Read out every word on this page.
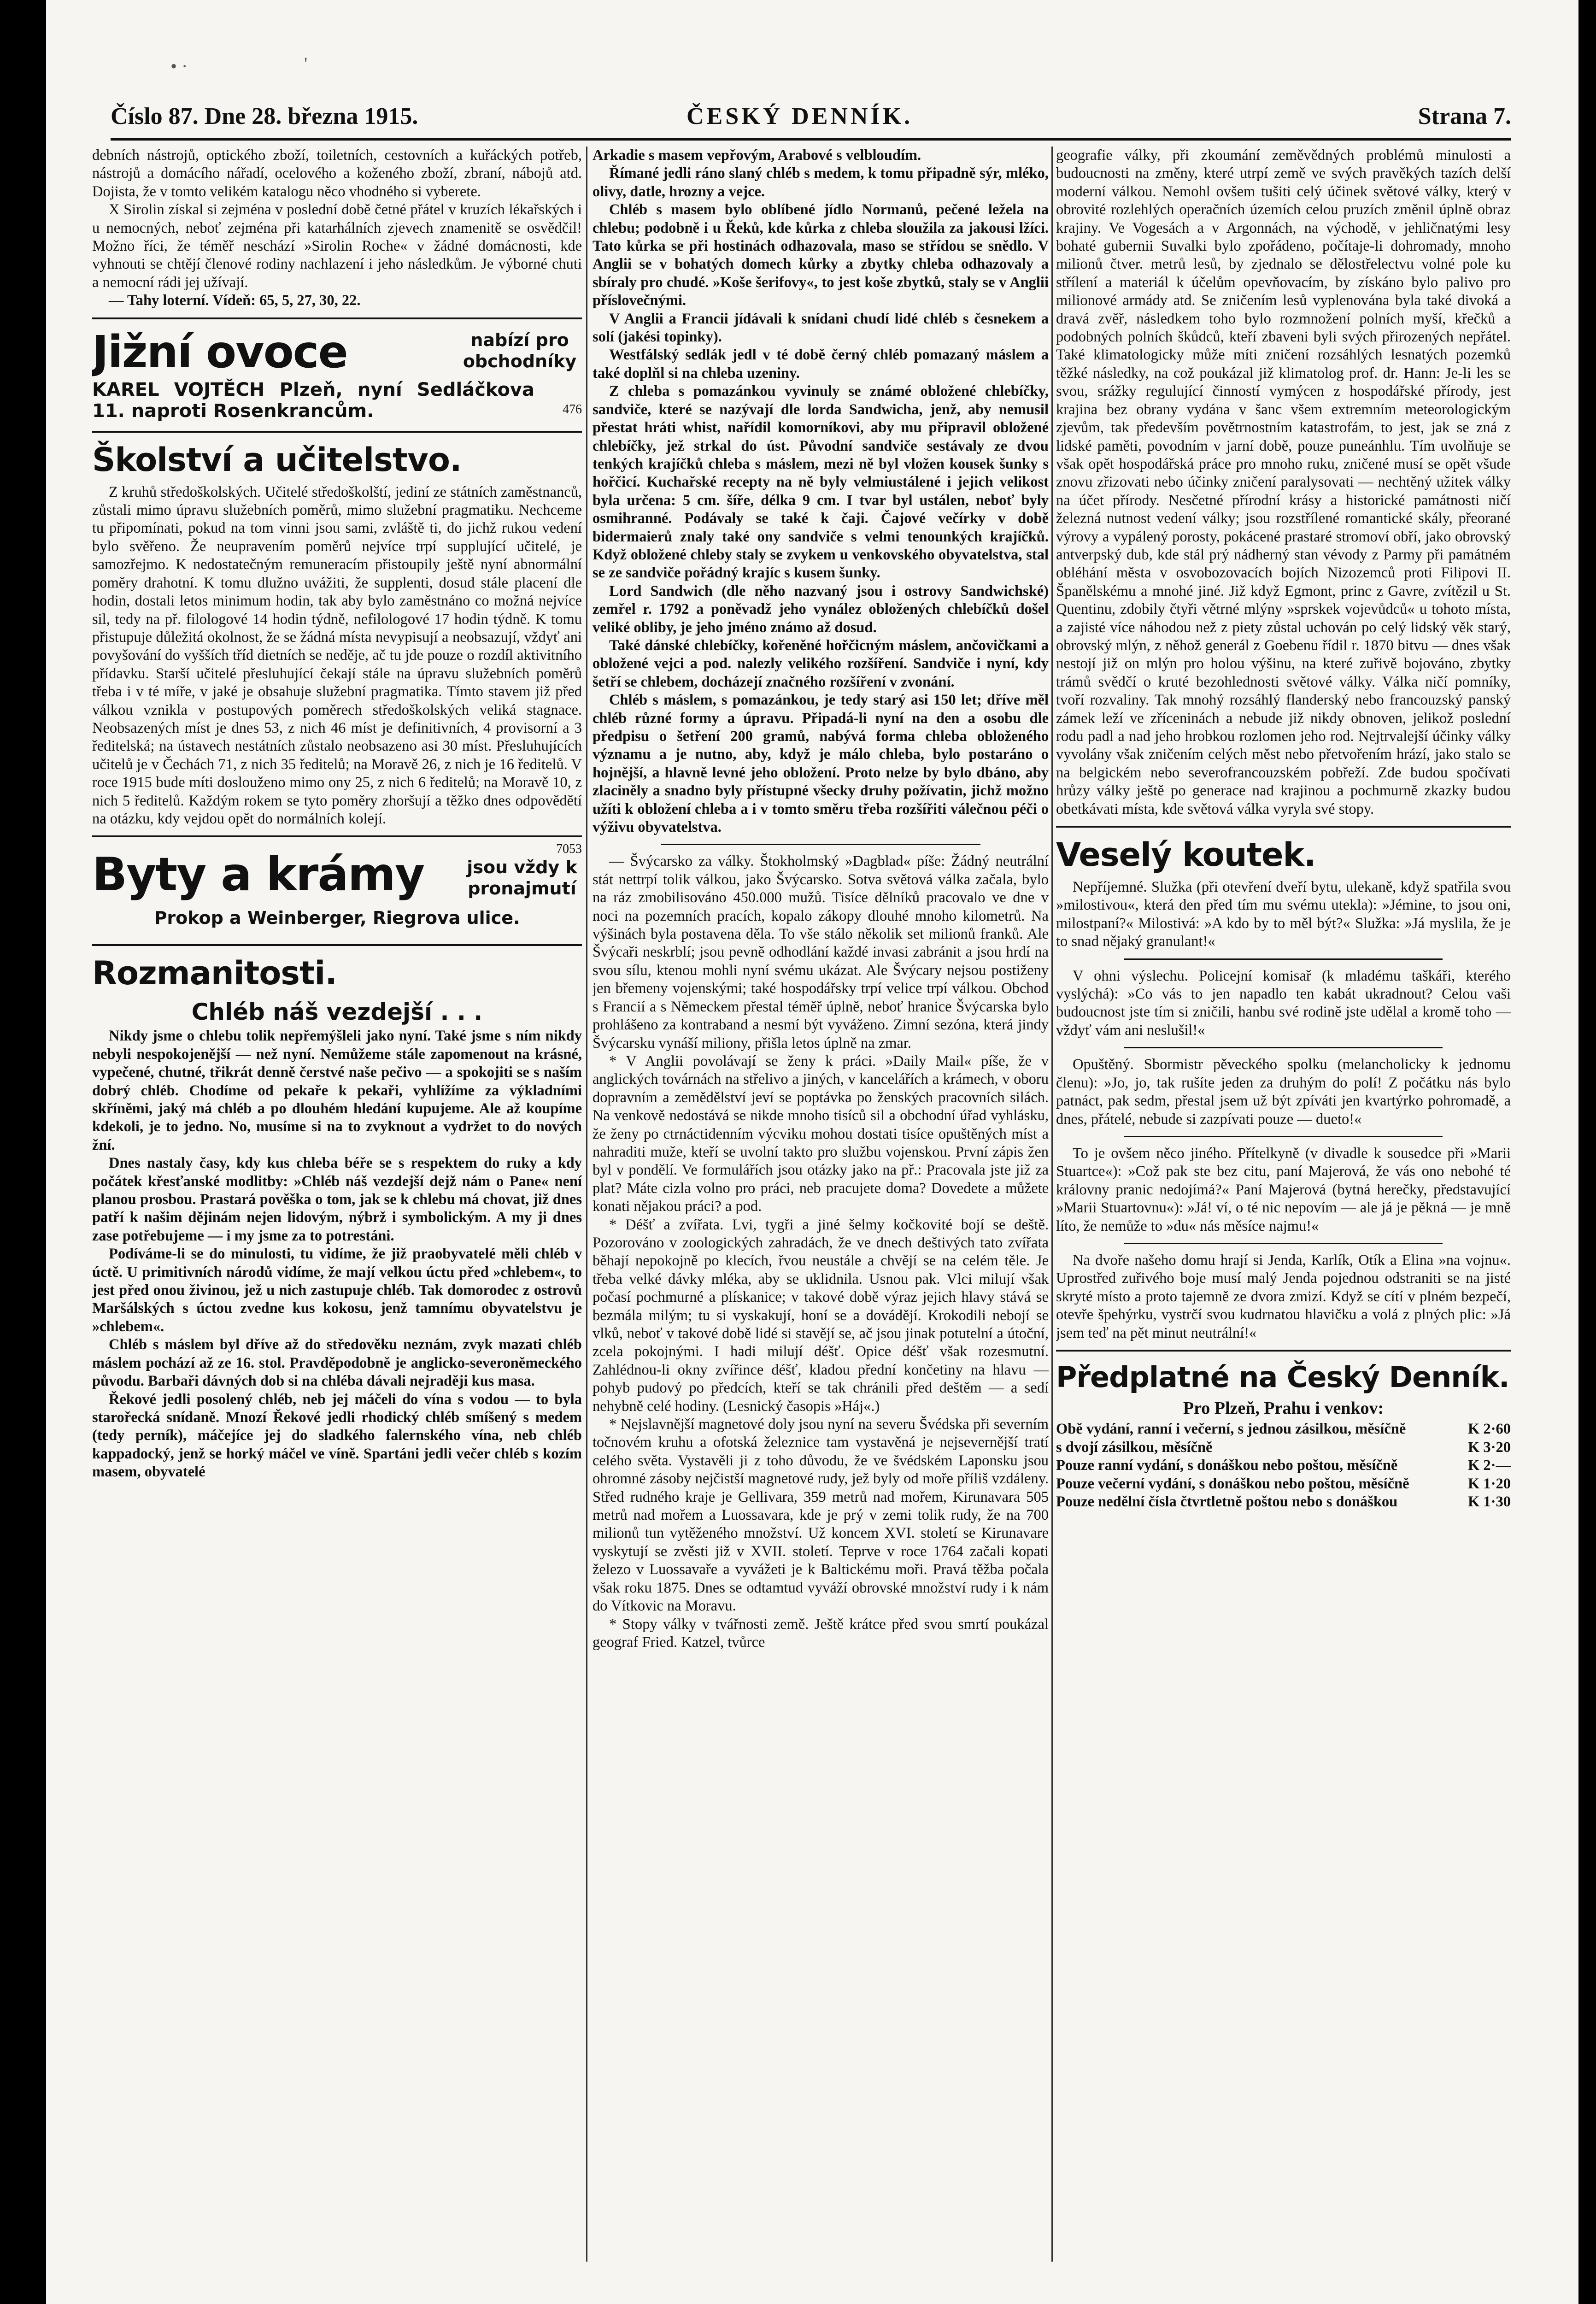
• ·	'
Číslo 87. Dne 28. března 1915.	ČESKÝ DENNÍK.	Strana 7.

debních nástrojů, optického zboží, toiletních, cestovních a kuřáckých potřeb, nástrojů a domácího nářadí, ocelového a koženého zboží, zbraní, nábojů atd. Dojista, že v tomto velikém katalogu něco vhodného si vyberete.

X Sirolin získal si zejména v poslední době četné přátel v kruzích lékařských i u nemocných, neboť zejména při katarhálních zjevech znamenitě se osvědčil! Možno říci, že téměř neschází »Sirolin Roche« v žádné domácnosti, kde vyhnouti se chtějí členové rodiny nachlazení i jeho následkům. Je výborné chuti a nemocní rádi jej užívají.

— Tahy loterní. Vídeň: 65, 5, 27, 30, 22.

Jižní ovoce	nabízí pro obchodníky
KAREL VOJTĚCH Plzeň, nyní Sedláčkova 11. naproti Rosenkrancům.	476
Školství a učitelstvo.

Z kruhů středoškolských. Učitelé středoškolští, jediní ze státních zaměstnanců, zůstali mimo úpravu služebních poměrů, mimo služební pragmatiku. Nechceme tu připomínati, pokud na tom vinni jsou sami, zvláště ti, do jichž rukou vedení bylo svěřeno. Že neupravením poměrů nejvíce trpí supplující učitelé, je samozřejmo. K nedostatečným remuneracím přistoupily ještě nyní abnormální poměry drahotní. K tomu dlužno uvážiti, že supplenti, dosud stále placení dle hodin, dostali letos minimum hodin, tak aby bylo zaměstnáno co možná nejvíce sil, tedy na př. filologové 14 hodin týdně, nefilologové 17 hodin týdně. K tomu přistupuje důležitá okolnost, že se žádná místa nevypisují a neobsazují, vždyť ani povyšování do vyšších tříd dietních se neděje, ač tu jde pouze o rozdíl aktivitního přídavku. Starší učitelé přesluhující čekají stále na úpravu služebních poměrů třeba i v té míře, v jaké je obsahuje služební pragmatika. Tímto stavem již před válkou vznikla v postupových poměrech středoškolských veliká stagnace. Neobsazených míst je dnes 53, z nich 46 míst je definitivních, 4 provisorní a 3 ředitelská; na ústavech nestátních zůstalo neobsazeno asi 30 míst. Přesluhujících učitelů je v Čechách 71, z nich 35 ředitelů; na Moravě 26, z nich je 16 ředitelů. V roce 1915 bude míti doslouženo mimo ony 25, z nich 6 ředitelů; na Moravě 10, z nich 5 ředitelů. Každým rokem se tyto poměry zhoršují a těžko dnes odpovědětí na otázku, kdy vejdou opět do normálních kolejí.

7053
Byty a krámy jsou vždy k pronajmutí
Prokop a Weinberger, Riegrova ulice.
Rozmanitosti.
Chléb náš vezdejší . . .

Nikdy jsme o chlebu tolik nepřemýšleli jako nyní. Také jsme s ním nikdy nebyli nespokojenější — než nyní. Nemůžeme stále zapomenout na krásné, vypečené, chutné, třikrát denně čerstvé naše pečivo — a spokojiti se s naším dobrý chléb. Chodíme od pekaře k pekaři, vyhlížíme za výkladními skříněmi, jaký má chléb a po dlouhém hledání kupujeme. Ale až koupíme kdekoli, je to jedno. No, musíme si na to zvyknout a vydržet to do nových žní.

Dnes nastaly časy, kdy kus chleba béře se s respektem do ruky a kdy počátek křesťanské modlitby: »Chléb náš vezdejší dejž nám o Pane« není planou prosbou. Prastará pověška o tom, jak se k chlebu má chovat, již dnes patří k našim dějinám nejen lidovým, nýbrž i symbolickým. A my ji dnes zase potřebujeme — i my jsme za to potrestáni.

Podíváme-li se do minulosti, tu vidíme, že již praobyvatelé měli chléb v úctě. U primitivních národů vidíme, že mají velkou úctu před »chlebem«, to jest před onou živinou, jež u nich zastupuje chléb. Tak domorodec z ostrovů Maršálských s úctou zvedne kus kokosu, jenž tamnímu obyvatelstvu je »chlebem«.

Chléb s máslem byl dříve až do středověku neznám, zvyk mazati chléb máslem pochází až ze 16. stol. Pravděpodobně je anglicko-severoněmeckého původu. Barbaři dávných dob si na chléba dávali nejraději kus masa.

Řekové jedli posolený chléb, neb jej máčeli do vína s vodou — to byla starořecká snídaně. Mnozí Řekové jedli rhodický chléb smíšený s medem (tedy perník), máčejíce jej do sladkého falernského vína, neb chléb kappadocký, jenž se horký máčel ve víně. Spartáni jedli večer chléb s kozím masem, obyvatelé

Arkadie s masem vepřovým, Arabové s velbloudím.

Římané jedli ráno slaný chléb s medem, k tomu připadně sýr, mléko, olivy, datle, hrozny a vejce.

Chléb s masem bylo oblíbené jídlo Normanů, pečené ležela na chlebu; podobně i u Řeků, kde kůrka z chleba sloužila za jakousi lžíci. Tato kůrka se při hostinách odhazovala, maso se střídou se snědlo. V Anglii se v bohatých domech kůrky a zbytky chleba odhazovaly a sbíraly pro chudé. »Koše šerifovy«, to jest koše zbytků, staly se v Anglii příslovečnými.

V Anglii a Francii jídávali k snídani chudí lidé chléb s česnekem a solí (jakési topinky).

Westfálský sedlák jedl v té době černý chléb pomazaný máslem a také doplňl si na chleba uzeniny.

Z chleba s pomazánkou vyvinuly se známé obložené chlebíčky, sandviče, které se nazývají dle lorda Sandwicha, jenž, aby nemusil přestat hráti whist, nařídil komorníkovi, aby mu připravil obložené chlebíčky, jež strkal do úst. Původní sandviče sestávaly ze dvou tenkých krajíčků chleba s máslem, mezi ně byl vložen kousek šunky s hořčicí. Kuchařské recepty na ně byly velmiustálené i jejich velikost byla určena: 5 cm. šíře, délka 9 cm. I tvar byl ustálen, neboť byly osmihranné. Podávaly se také k čaji. Čajové večírky v době bidermaierů znaly také ony sandviče s velmi tenounkých krajíčků. Když obložené chleby staly se zvykem u venkovského obyvatelstva, stal se ze sandviče pořádný krajíc s kusem šunky.

Lord Sandwich (dle něho nazvaný jsou i ostrovy Sandwichské) zemřel r. 1792 a poněvadž jeho vynález obložených chlebíčků došel veliké obliby, je jeho jméno známo až dosud.

Také dánské chlebíčky, kořeněné hořčicným máslem, ančovičkami a obložené vejci a pod. nalezly velikého rozšíření. Sandviče i nyní, kdy šetří se chlebem, docházejí značného rozšíření v zvonání.

Chléb s máslem, s pomazánkou, je tedy starý asi 150 let; dříve měl chléb různé formy a úpravu. Připadá-li nyní na den a osobu dle předpisu o šetření 200 gramů, nabývá forma chleba obloženého významu a je nutno, aby, když je málo chleba, bylo postaráno o hojnější, a hlavně levné jeho obložení. Proto nelze by bylo dbáno, aby zlaciněly a snadno byly přístupné všecky druhy požívatin, jichž možno užíti k obložení chleba a i v tomto směru třeba rozšířiti válečnou péči o výživu obyvatelstva.

— Švýcarsko za války. Štokholmský »Dagblad« píše: Žádný neutrální stát nettrpí tolik válkou, jako Švýcarsko. Sotva světová válka začala, bylo na ráz zmobilisováno 450.000 mužů. Tisíce dělníků pracovalo ve dne v noci na pozemních pracích, kopalo zákopy dlouhé mnoho kilometrů. Na výšinách byla postavena děla. To vše stálo několik set milionů franků. Ale Švýcaři neskrblí; jsou pevně odhodlání každé invasi zabránit a jsou hrdí na svou sílu, ktenou mohli nyní svému ukázat. Ale Švýcary nejsou postiženy jen břemeny vojenskými; také hospodářsky trpí velice trpí válkou. Obchod s Francií a s Německem přestal téměř úplně, neboť hranice Švýcarska bylo prohlášeno za kontraband a nesmí být vyváženo. Zimní sezóna, která jindy Švýcarsku vynáší miliony, přišla letos úplně na zmar.

* V Anglii povolávají se ženy k práci. »Daily Mail« píše, že v anglických továrnách na střelivo a jiných, v kancelářích a krámech, v oboru dopravním a zemědělství jeví se poptávka po ženských pracovních silách. Na venkově nedostává se nikde mnoho tisíců sil a obchodní úřad vyhlásku, že ženy po ctrnáctidenním výcviku mohou dostati tisíce opuštěných míst a nahraditi muže, kteří se uvolní takto pro službu vojenskou. První zápis žen byl v pondělí. Ve formulářích jsou otázky jako na př.: Pracovala jste již za plat? Máte cizla volno pro práci, neb pracujete doma? Dovedete a můžete konati nějakou práci? a pod.

* Déšť a zvířata. Lvi, tygři a jiné šelmy kočkovité bojí se deště. Pozorováno v zoologických zahradách, že ve dnech deštivých tato zvířata běhají nepokojně po klecích, řvou neustále a chvějí se na celém těle. Je třeba velké dávky mléka, aby se uklidnila. Usnou pak. Vlci milují však počasí pochmurné a plískanice; v takové době výraz jejich hlavy stává se bezmála milým; tu si vyskakují, honí se a dovádějí. Krokodili nebojí se vlků, neboť v takové době lidé si stavějí se, ač jsou jinak potutelní a útoční, zcela pokojnými. I hadi milují déšť. Opice déšť však rozesmutní. Zahlédnou-li okny zvířince déšť, kladou přední končetiny na hlavu — pohyb pudový po předcích, kteří se tak chránili před deštěm — a sedí nehybně celé hodiny. (Lesnický časopis »Háj«.)

* Nejslavnější magnetové doly jsou nyní na severu Švédska při severním točnovém kruhu a ofotská železnice tam vystavěná je nejsevernější tratí celého světa. Vystavěli ji z toho důvodu, že ve švédském Laponsku jsou ohromné zásoby nejčistší magnetové rudy, jež byly od moře příliš vzdáleny. Střed rudného kraje je Gellivara, 359 metrů nad mořem, Kirunavara 505 metrů nad mořem a Luossavara, kde je prý v zemi tolik rudy, že na 700 milionů tun vytěženého množství. Už koncem XVI. století se Kirunavare vyskytují se zvěsti již v XVII. století. Teprve v roce 1764 začali kopati železo v Luossavaře a vyvážeti je k Baltickému moři. Pravá těžba počala však roku 1875. Dnes se odtamtud vyváží obrovské množství rudy i k nám do Vítkovic na Moravu.

* Stopy války v tvářnosti země. Ještě krátce před svou smrtí poukázal geograf Fried. Katzel, tvůrce

geografie války, při zkoumání zeměvědných problémů minulosti a budoucnosti na změny, které utrpí země ve svých pravěkých tazích delší moderní válkou. Nemohl ovšem tušiti celý účinek světové války, který v obrovité rozlehlých operačních územích celou pruzích změnil úplně obraz krajiny. Ve Vogesách a v Argonnách, na východě, v jehličnatými lesy bohaté gubernii Suvalki bylo zpořádeno, počítaje-li dohromady, mnoho milionů čtver. metrů lesů, by zjednalo se dělostřelectvu volné pole ku střílení a materiál k účelům opevňovacím, by získáno bylo palivo pro milionové armády atd. Se zničením lesů vyplenována byla také divoká a dravá zvěř, následkem toho bylo rozmnožení polních myší, křečků a podobných polních škůdců, kteří zbaveni byli svých přirozených nepřátel. Také klimatologicky může míti zničení rozsáhlých lesnatých pozemků těžké následky, na což poukázal již klimatolog prof. dr. Hann: Je-li les se svou, srážky regulující činností vymýcen z hospodářské přírody, jest krajina bez obrany vydána v šanc všem extremním meteorologickým zjevům, tak především povětrnostním katastrofám, to jest, jak se zná z lidské paměti, povodním v jarní době, pouze puneánhlu. Tím uvolňuje se však opět hospodářská práce pro mnoho ruku, zničené musí se opět všude znovu zřizovati nebo účinky zničení paralysovati — nechtěný užitek války na účet přírody. Nesčetné přírodní krásy a historické památnosti ničí železná nutnost vedení války; jsou rozstřílené romantické skály, přeorané výrovy a vypálený porosty, pokácené prastaré stromoví obří, jako obrovský antverpský dub, kde stál prý nádherný stan vévody z Parmy při památném obléhání města v osvobozovacích bojích Nizozemců proti Filipovi II. Španělskému a mnohé jiné. Již když Egmont, princ z Gavre, zvítězil u St. Quentinu, zdobily čtyři větrné mlýny »sprskek vojevůdců« u tohoto místa, a zajisté více náhodou než z piety zůstal uchován po celý lidský věk starý, obrovský mlýn, z něhož generál z Goebenu řídil r. 1870 bitvu — dnes však nestojí již on mlýn pro holou výšinu, na které zuřivě bojováno, zbytky trámů svědčí o kruté bezohlednosti světové války. Válka ničí pomníky, tvoří rozvaliny. Tak mnohý rozsáhlý flanderský nebo francouzský panský zámek leží ve zříceninách a nebude již nikdy obnoven, jelikož poslední rodu padl a nad jeho hrobkou rozlomen jeho rod. Nejtrvalejší účinky války vyvolány však zničením celých měst nebo přetvořením hrází, jako stalo se na belgickém nebo severofrancouzském pobřeží. Zde budou spočívati hrůzy války ještě po generace nad krajinou a pochmurně zkazky budou obetkávati místa, kde světová válka vyryla své stopy.

Veselý koutek.

Nepříjemné. Služka (při otevření dveří bytu, ulekaně, když spatřila svou »milostivou«, která den před tím mu svému utekla): »Jémine, to jsou oni, milostpaní?« Milostivá: »A kdo by to měl být?« Služka: »Já myslila, že je to snad nějaký granulant!«

V ohni výslechu. Policejní komisař (k mladému taškáři, kterého vyslýchá): »Co vás to jen napadlo ten kabát ukradnout? Celou vaši budoucnost jste tím si zničili, hanbu své rodině jste udělal a kromě toho — vždyť vám ani neslušil!«

Opuštěný. Sbormistr pěveckého spolku (melancholicky k jednomu členu): »Jo, jo, tak rušíte jeden za druhým do polí! Z počátku nás bylo patnáct, pak sedm, přestal jsem už být zpíváti jen kvartýrko pohromadě, a dnes, přátelé, nebude si zazpívati pouze — dueto!«

To je ovšem něco jiného. Přítelkyně (v divadle k sousedce při »Marii Stuartce«): »Což pak ste bez citu, paní Majerová, že vás ono nebohé té královny pranic nedojímá?« Paní Majerová (bytná herečky, představující »Marii Stuartovnu«): »Já! ví, o té nic nepovím — ale já je pěkná — je mně líto, že nemůže to »du« nás měsíce najmu!«

Na dvoře našeho domu hrají si Jenda, Karlík, Otík a Elina »na vojnu«. Uprostřed zuřivého boje musí malý Jenda pojednou odstraniti se na jisté skryté místo a proto tajemně ze dvora zmizí. Když se cítí v plném bezpečí, otevře špehýrku, vystrčí svou kudrnatou hlavičku a volá z plných plic: »Já jsem teď na pět minut neutrální!«

Předplatné na Český Denník.
Pro Plzeň, Prahu i venkov:

Obě vydání, ranní i večerní, s jednou zásilkou, měsíčně	K 2·60

s dvojí zásilkou, měsíčně	K 3·20

Pouze ranní vydání, s donáškou nebo poštou, měsíčně	K 2·—

Pouze večerní vydání, s donáškou nebo poštou, měsíčně	K 1·20

Pouze nedělní čísla čtvrtletně poštou nebo s donáškou	K 1·30
